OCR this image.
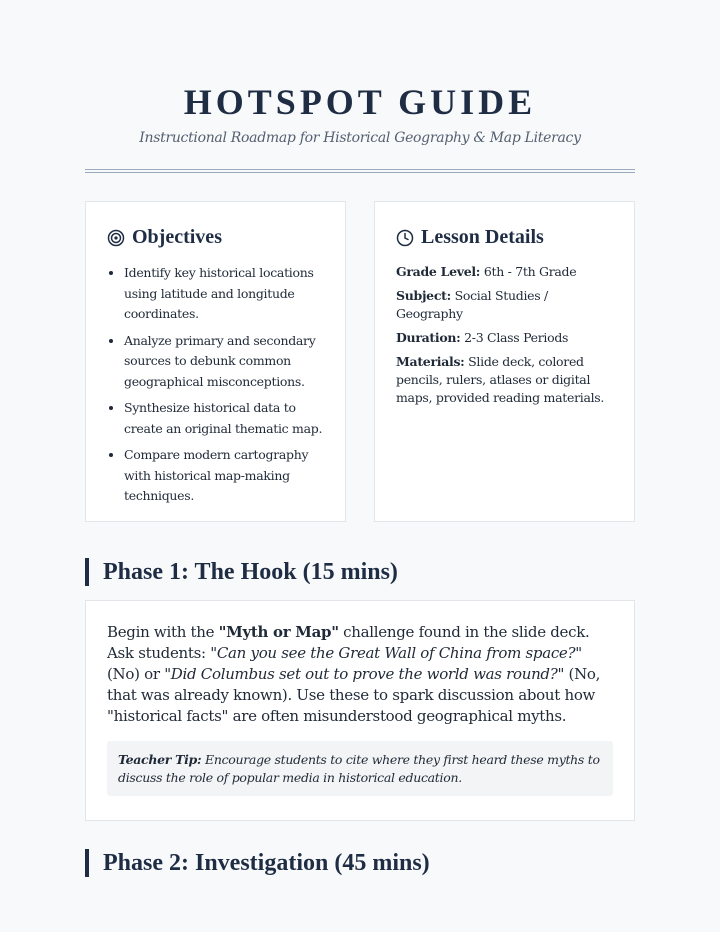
HOTSPOT GUIDE
Instructional Roadmap for Historical Geography & Map Literacy
Objectives
• Identify key historical locations using latitude and longitude coordinates.
• Analyze primary and secondary sources to debunk common geographical misconceptions.
• Synthesize historical data to create an original thematic map.
• Compare modern cartography with historical map-making techniques.
Lesson Details
Grade Level: 6th - 7th Grade
Subject: Social Studies / Geography
Duration: 2-3 Class Periods
Materials: Slide deck, colored pencils, rulers, atlases or digital maps, provided reading materials.
Phase 1: The Hook (15 mins)
Begin with the "Myth or Map" challenge found in the slide deck. Ask students: "Can you see the Great Wall of China from space?" (No) or "Did Columbus set out to prove the world was round?" (No, that was already known). Use these to spark discussion about how "historical facts" are often misunderstood geographical myths.
Teacher Tip: Encourage students to cite where they first heard these myths to discuss the role of popular media in historical education.
Phase 2: Investigation (45 mins)
